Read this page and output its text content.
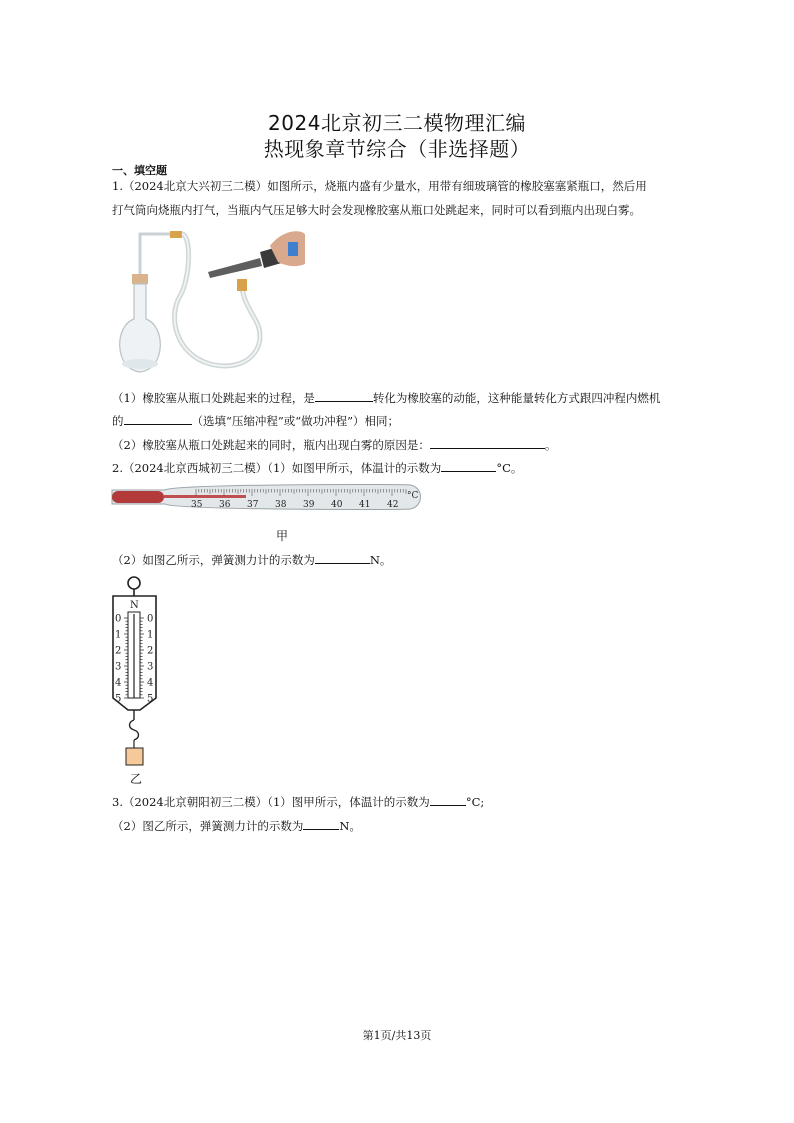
2024北京初三二模物理汇编
热现象章节综合（非选择题）
一、填空题
1.（2024北京大兴初三二模）如图所示，烧瓶内盛有少量水，用带有细玻璃管的橡胶塞塞紧瓶口，然后用
打气筒向烧瓶内打气，当瓶内气压足够大时会发现橡胶塞从瓶口处跳起来，同时可以看到瓶内出现白雾。
（1）橡胶塞从瓶口处跳起来的过程，是	转化为橡胶塞的动能，这种能量转化方式跟四冲程内燃机
的	（选填“压缩冲程”或“做功冲程”）相同；
（2）橡胶塞从瓶口处跳起来的同时，瓶内出现白雾的原因是：	。
2.（2024北京西城初三二模）（1）如图甲所示，体温计的示数为	°C。
35 36 37 38 39 40 41 42
°C
甲
（2）如图乙所示，弹簧测力计的示数为	N。
N
0	0
1	1
2	2
3	3
4	4
5	5
乙
3.（2024北京朝阳初三二模）（1）图甲所示，体温计的示数为	°C;
（2）图乙所示，弹簧测力计的示数为	N。
第1页/共13页
